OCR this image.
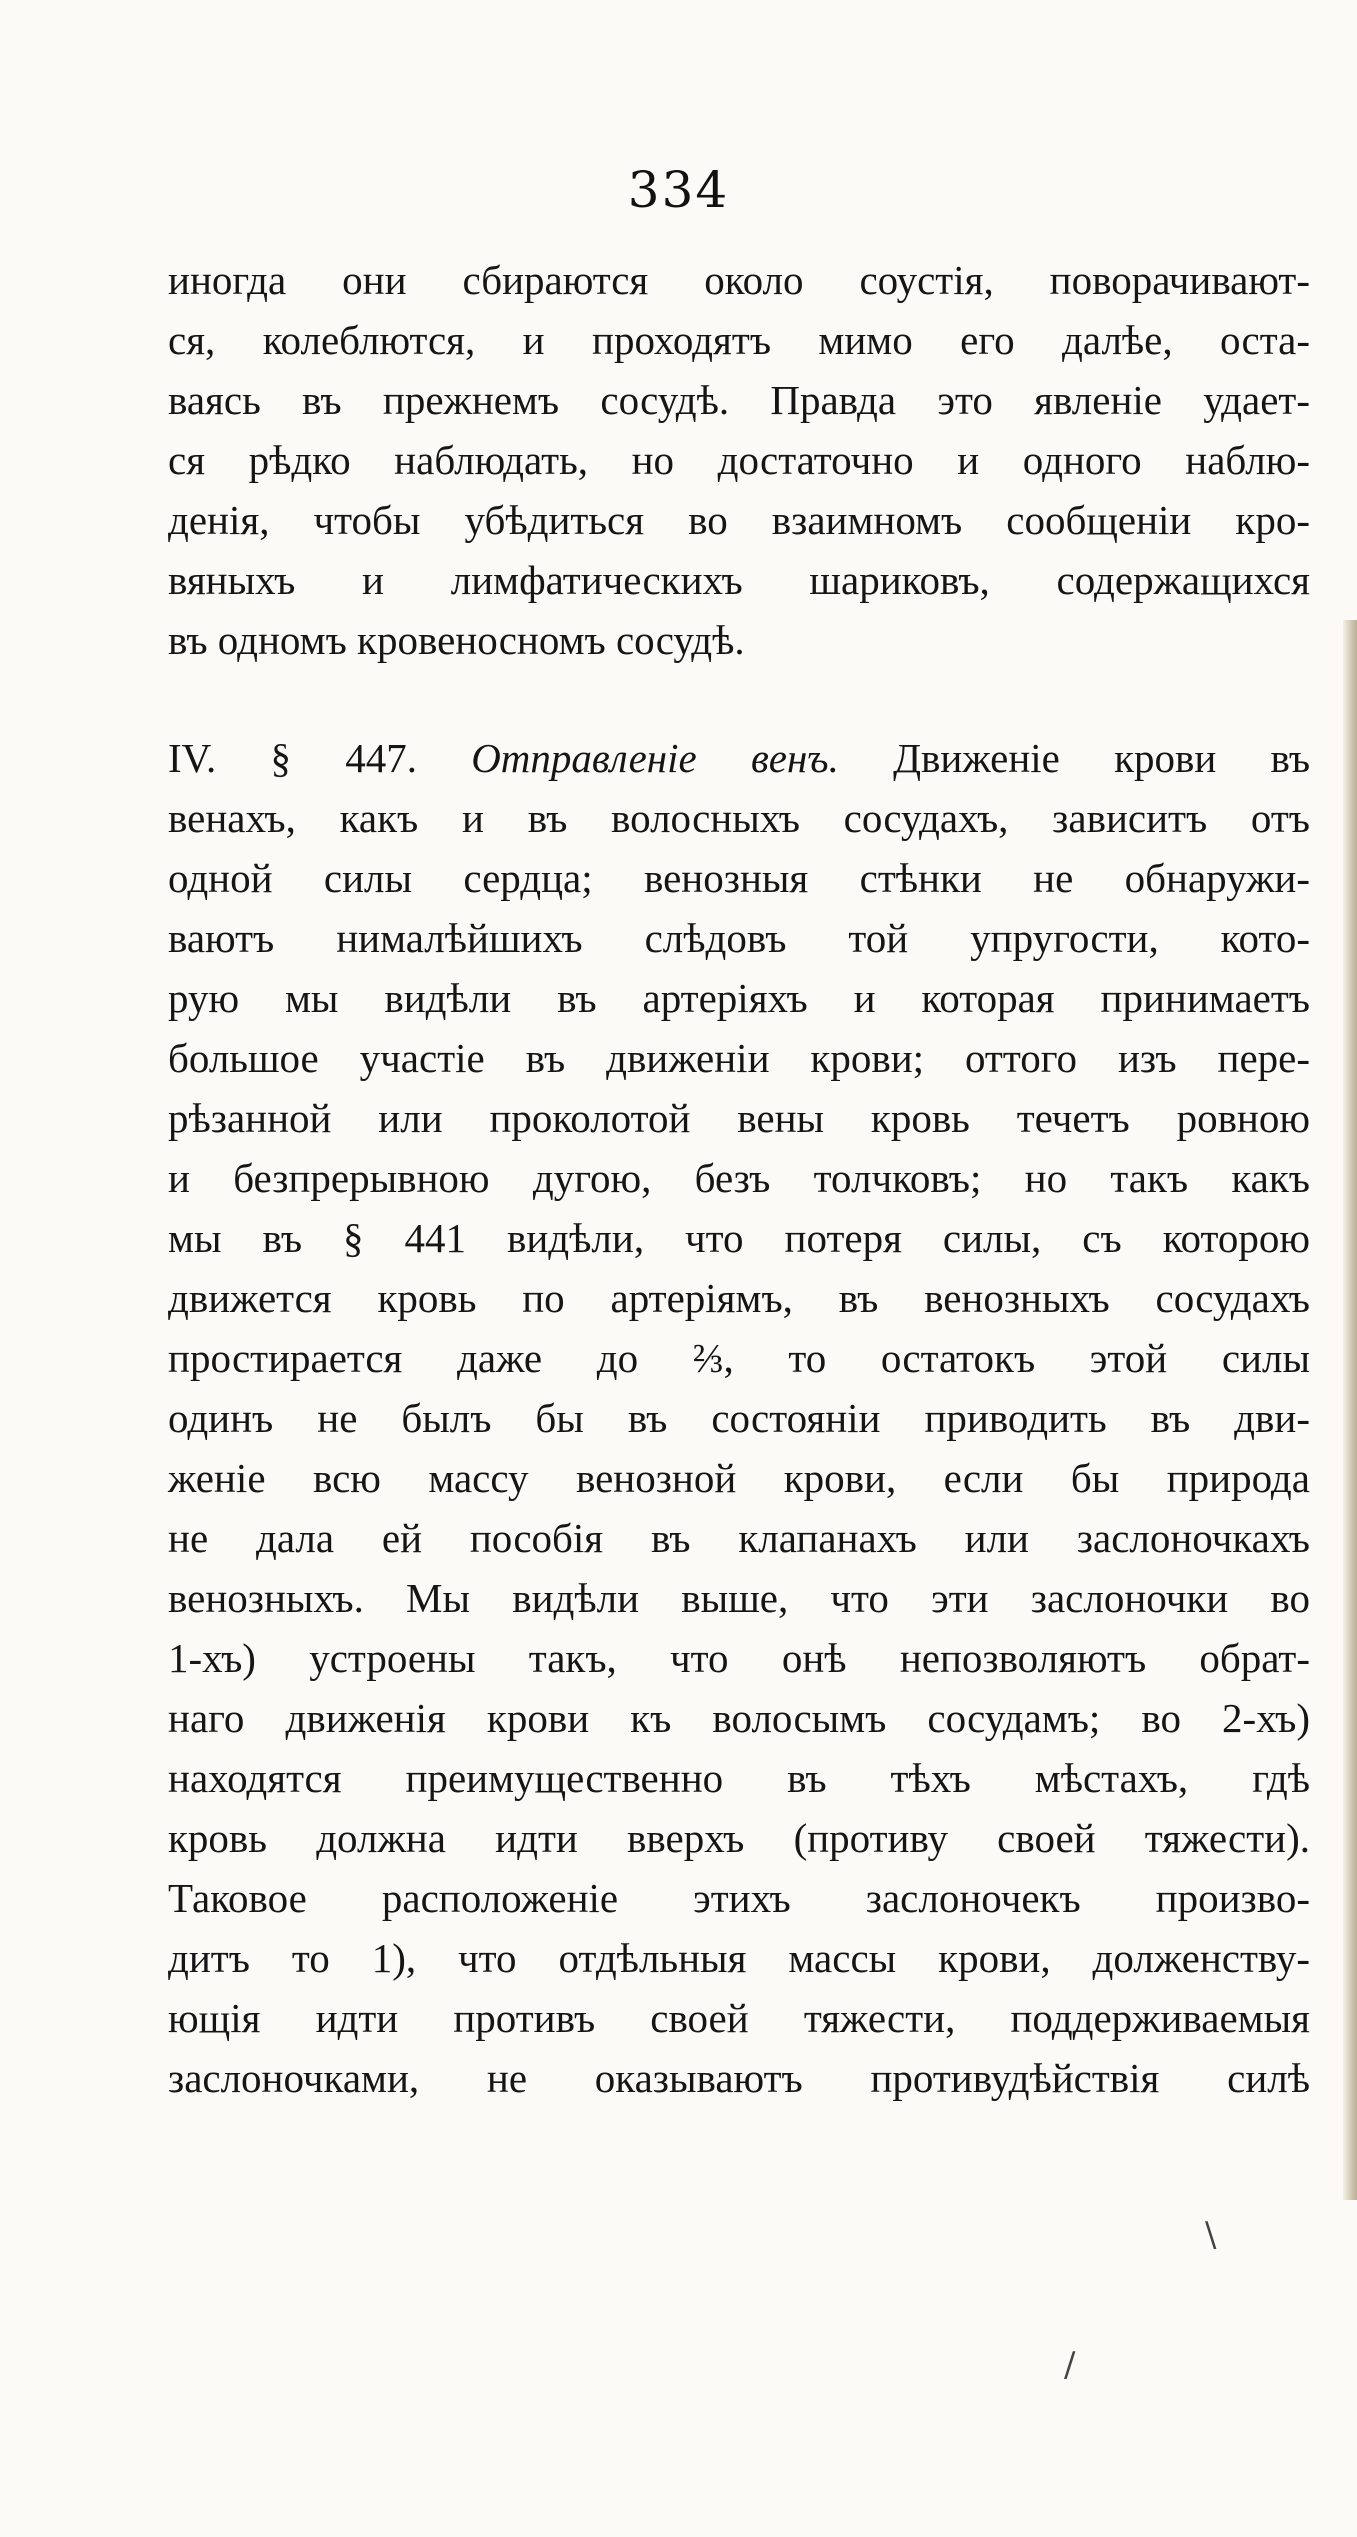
334
иногда они сбираются около соустія, поворачивают-
ся, колеблются, и проходятъ мимо его далѣе, оста-
ваясь въ прежнемъ сосудѣ. Правда это явленіе удает-
ся рѣдко наблюдать, но достаточно и одного наблю-
денія, чтобы убѣдиться во взаимномъ сообщеніи кро-
вяныхъ и лимфатическихъ шариковъ, содержащихся
въ одномъ кровеносномъ сосудѣ.
IV. § 447. Отправленіе венъ. Движеніе крови въ
венахъ, какъ и въ волосныхъ сосудахъ, зависитъ отъ
одной силы сердца; венозныя стѣнки не обнаружи-
ваютъ нималѣйшихъ слѣдовъ той упругости, кото-
рую мы видѣли въ артеріяхъ и которая принимаетъ
большое участіе въ движеніи крови; оттого изъ пере-
рѣзанной или проколотой вены кровь течетъ ровною
и безпрерывною дугою, безъ толчковъ; но такъ какъ
мы въ § 441 видѣли, что потеря силы, съ которою
движется кровь по артеріямъ, въ венозныхъ сосудахъ
простирается даже до ⅔, то остатокъ этой силы
одинъ не былъ бы въ состояніи приводить въ дви-
женіе всю массу венозной крови, если бы природа
не дала ей пособія въ клапанахъ или заслоночкахъ
венозныхъ. Мы видѣли выше, что эти заслоночки во
1-хъ) устроены такъ, что онѣ непозволяютъ обрат-
наго движенія крови къ волосымъ сосудамъ; во 2-хъ)
находятся преимущественно въ тѣхъ мѣстахъ, гдѣ
кровь должна идти вверхъ (противу своей тяжести).
Таковое расположеніе этихъ заслоночекъ произво-
дитъ то 1), что отдѣльныя массы крови, долженству-
ющія идти противъ своей тяжести, поддерживаемыя
заслоночками, не оказываютъ противудѣйствія силѣ
\
/
